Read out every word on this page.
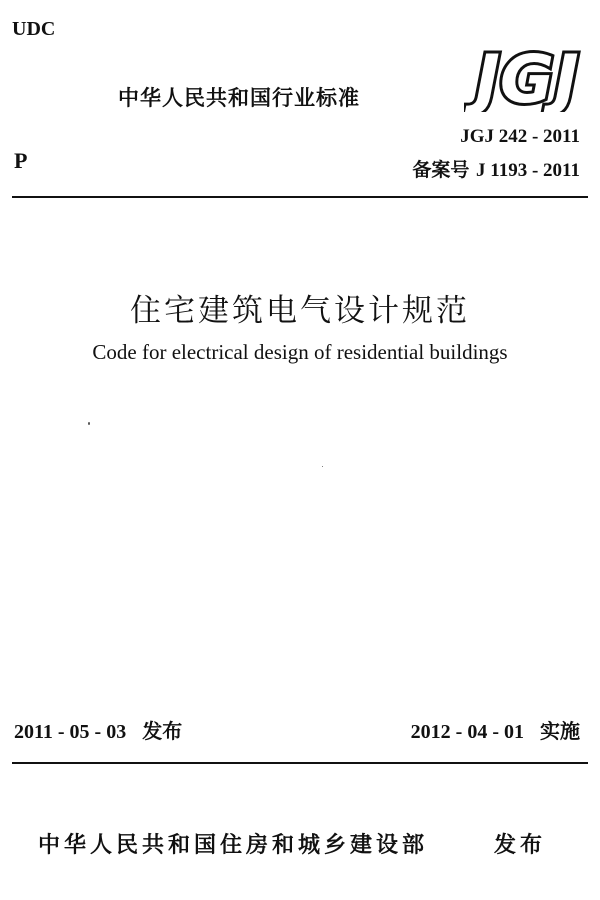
UDC
中华人民共和国行业标准 JGJ
P
JGJ 242 - 2011
备案号 J 1193 - 2011
住宅建筑电气设计规范
Code for electrical design of residential buildings
2011 - 05 - 03 发布	2012 - 04 - 01 实施
中华人民共和国住房和城乡建设部	发布
